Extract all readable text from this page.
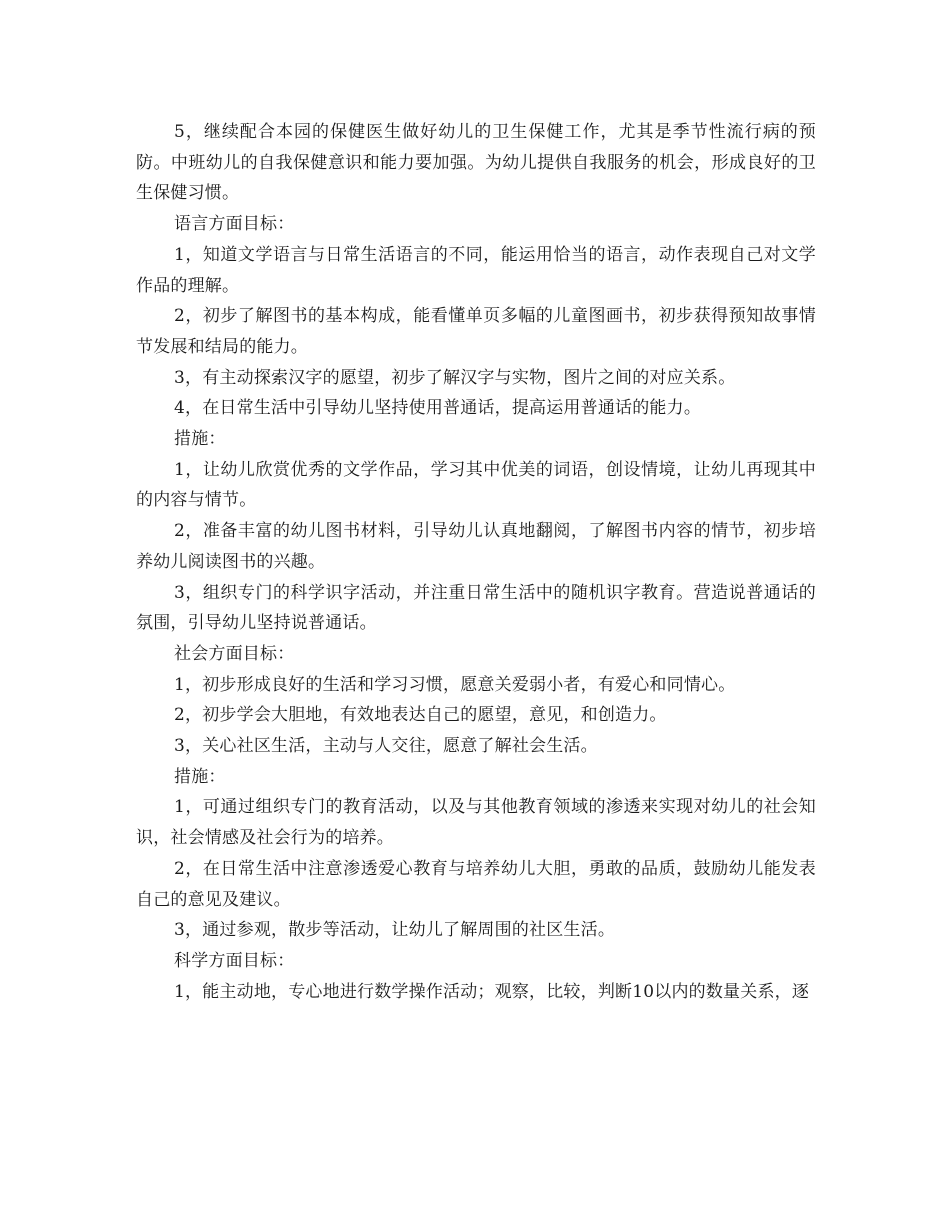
5，继续配合本园的保健医生做好幼儿的卫生保健工作，尤其是季节性流行病的预防。中班幼儿的自我保健意识和能力要加强。为幼儿提供自我服务的机会，形成良好的卫生保健习惯。

语言方面目标：

1，知道文学语言与日常生活语言的不同，能运用恰当的语言，动作表现自己对文学作品的理解。

2，初步了解图书的基本构成，能看懂单页多幅的儿童图画书，初步获得预知故事情节发展和结局的能力。

3，有主动探索汉字的愿望，初步了解汉字与实物，图片之间的对应关系。

4，在日常生活中引导幼儿坚持使用普通话，提高运用普通话的能力。

措施：

1，让幼儿欣赏优秀的文学作品，学习其中优美的词语，创设情境，让幼儿再现其中的内容与情节。

2，准备丰富的幼儿图书材料，引导幼儿认真地翻阅，了解图书内容的情节，初步培养幼儿阅读图书的兴趣。

3，组织专门的科学识字活动，并注重日常生活中的随机识字教育。营造说普通话的氛围，引导幼儿坚持说普通话。

社会方面目标：

1，初步形成良好的生活和学习习惯，愿意关爱弱小者，有爱心和同情心。

2，初步学会大胆地，有效地表达自己的愿望，意见，和创造力。

3，关心社区生活，主动与人交往，愿意了解社会生活。

措施：

1，可通过组织专门的教育活动，以及与其他教育领域的渗透来实现对幼儿的社会知识，社会情感及社会行为的培养。

2，在日常生活中注意渗透爱心教育与培养幼儿大胆，勇敢的品质，鼓励幼儿能发表自己的意见及建议。

3，通过参观，散步等活动，让幼儿了解周围的社区生活。

科学方面目标：

1，能主动地，专心地进行数学操作活动；观察，比较，判断10以内的数量关系，逐
